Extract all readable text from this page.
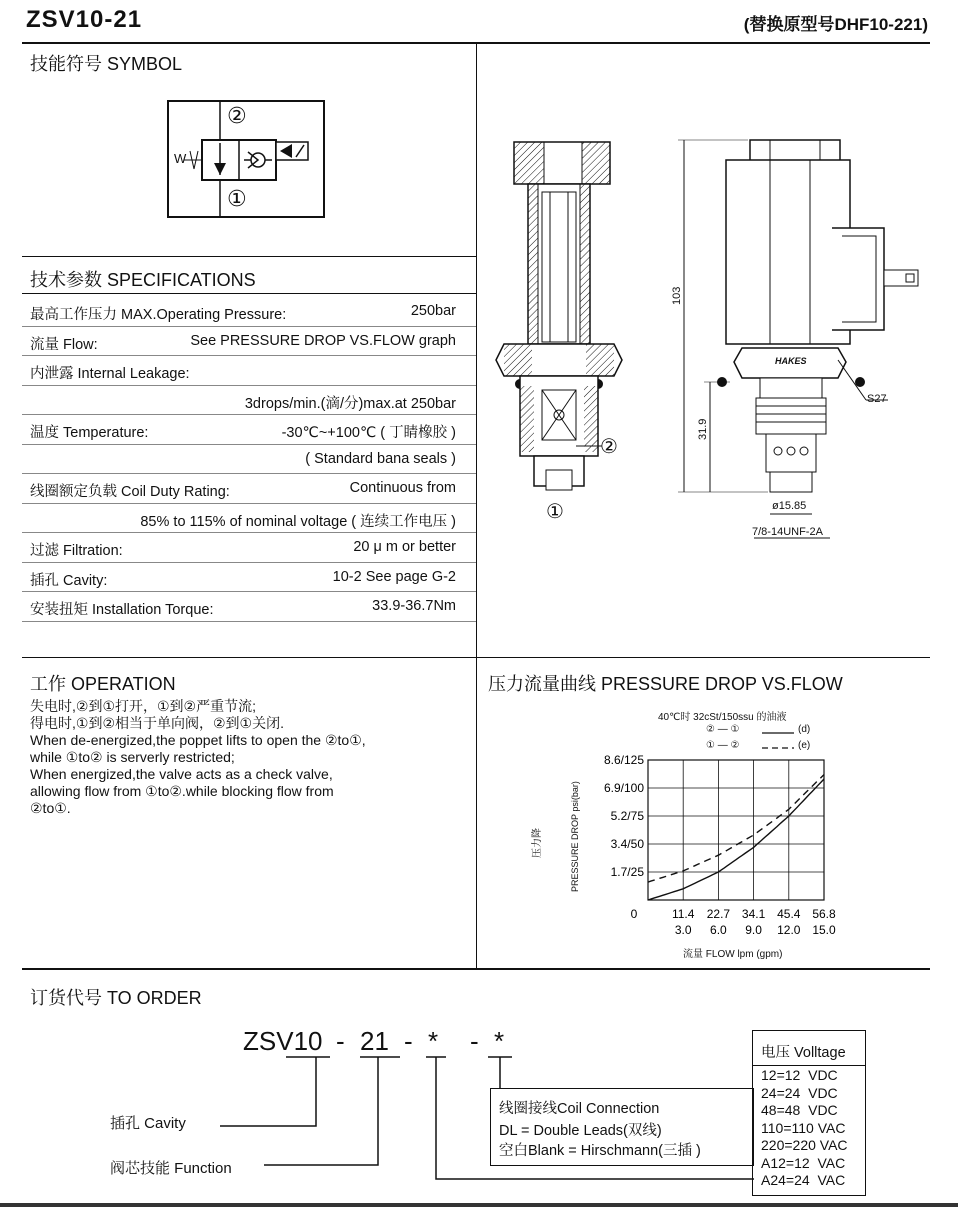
ZSV10-21	(替换原型号DHF10-221)
技能符号 SYMBOL
②
①
W
技术参数 SPECIFICATIONS
最高工作压力 MAX.Operating Pressure:	250bar
流量 Flow:	See PRESSURE DROP VS.FLOW graph
内泄露 Internal Leakage:
3drops/min.(滴/分)max.at 250bar
温度 Temperature:	-30℃~+100℃ ( 丁睛橡胶 )
( Standard bana seals )
线圈额定负载 Coil Duty Rating:	Continuous from
85% to 115% of nominal voltage ( 连续工作电压 )
过滤 Filtration:	20 μ m or better
插孔 Cavity:	10-2 See page G-2
安装扭矩 Installation Torque:	33.9-36.7Nm
②
①
103
31.9
HAKES
S27
ø15.85
7/8-14UNF-2A
工作 OPERATION
失电时,②到①打开，①到②严重节流;
得电时,①到②相当于单向阀，②到①关闭.
When de-energized,the poppet lifts to open the ②to①,
while ①to② is serverly restricted;
When energized,the valve acts as a check valve,
allowing flow from ①to②.while blocking flow from
②to①.
压力流量曲线 PRESSURE DROP VS.FLOW
40℃时 32cSt/150ssu 的油液
② — ①	(d)
① — ②	(e)
压力降	PRESSURE DROP psi(bar)	1.7/25
3.4/50
5.2/75
6.9/100
8.6/125
0	11.4 22.7 34.1 45.4 56.8
3.0 6.0 9.0 12.0 15.0
流量 FLOW lpm (gpm)
订货代号 TO ORDER
ZSV10 - 21 - * - *
插孔 Cavity
阀芯技能 Function
线圈接线Coil Connection
DL = Double Leads(双线)
空白Blank = Hirschmann(三插 )
电压 Volltage
12=12  VDC
24=24  VDC
48=48  VDC
110=110 VAC
220=220 VAC
A12=12  VAC
A24=24  VAC
